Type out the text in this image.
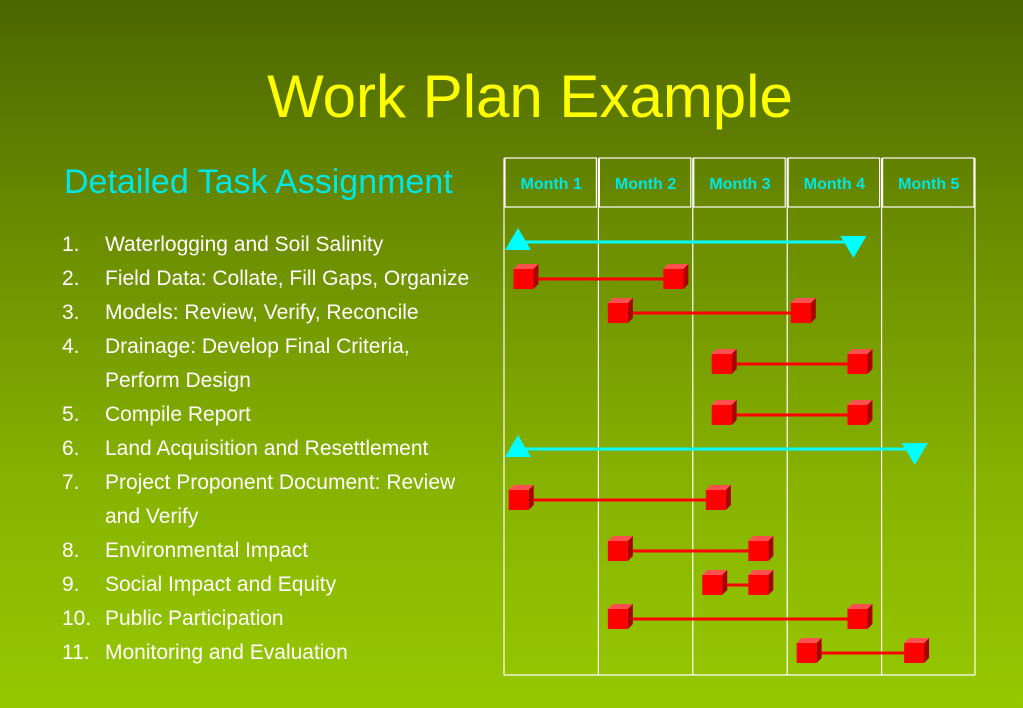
Work Plan Example
Detailed Task Assignment
1. Waterlogging and Soil Salinity
2. Field Data: Collate, Fill Gaps, Organize
3. Models: Review, Verify, Reconcile
4. Drainage: Develop Final Criteria,
Perform Design
5. Compile Report
6. Land Acquisition and Resettlement
7. Project Proponent Document: Review
and Verify
8. Environmental Impact
9. Social Impact and Equity
10. Public Participation
11. Monitoring and Evaluation
Month 1 Month 2 Month 3 Month 4 Month 5
